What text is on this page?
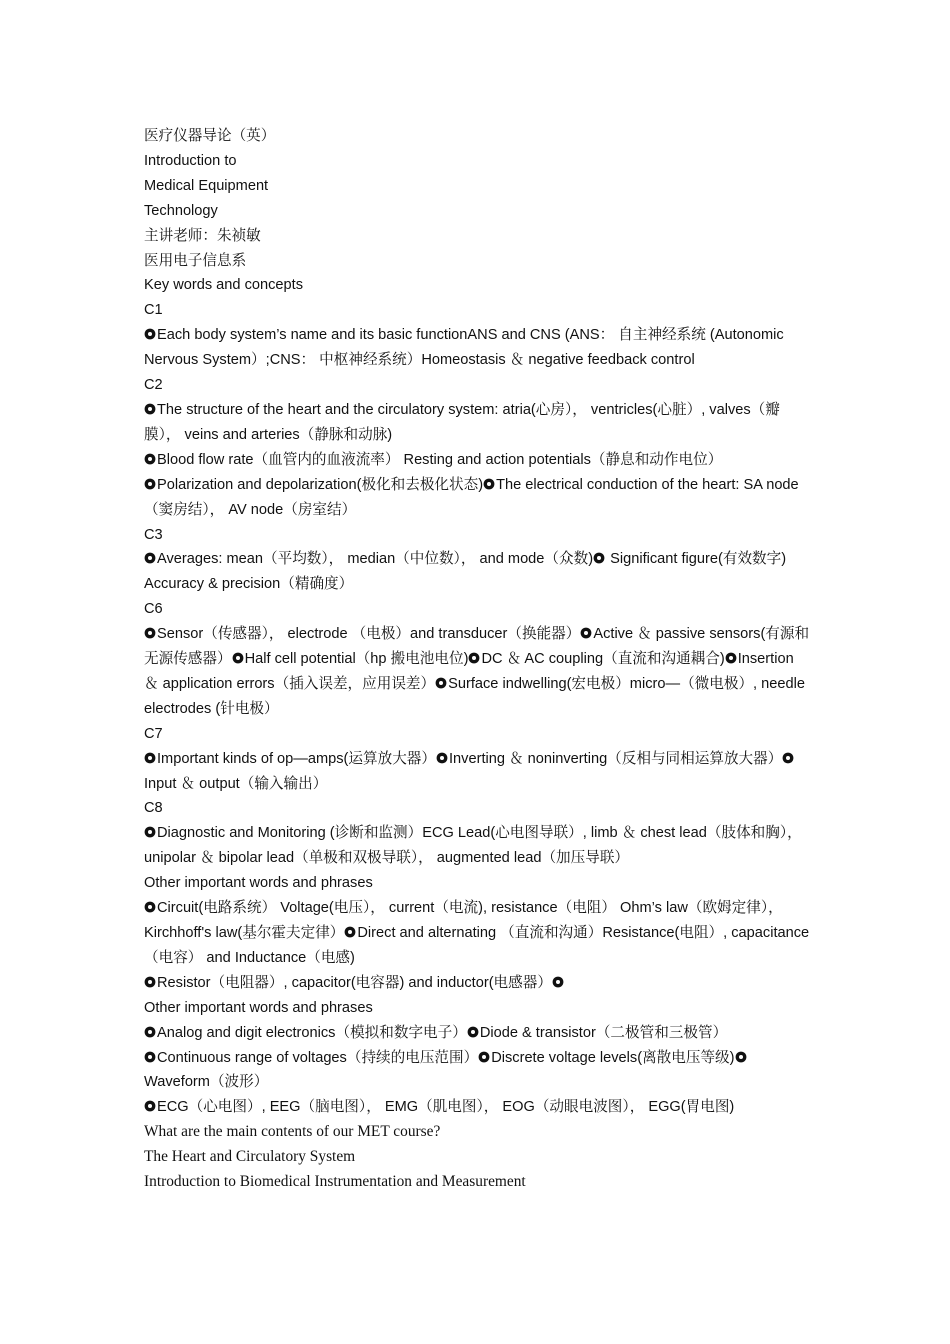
医疗仪器导论（英）

Introduction to

Medical Equipment

Technology

主讲老师：朱祯敏

医用电子信息系

Key words and concepts

C1

Each body system’s name and its basic functionANS and CNS (ANS： 自主神经系统 (Autonomic Nervous System）;CNS： 中枢神经系统）Homeostasis ＆ negative feedback control

C2

The structure of the heart and the circulatory system: atria(心房）， ventricles(心脏）, valves（瓣膜）， veins and arteries（静脉和动脉)

Blood flow rate（血管内的血液流率） Resting and action potentials（静息和动作电位）

Polarization and depolarization(极化和去极化状态) The electrical conduction of the heart: SA node（窦房结）， AV node（房室结）

C3

Averages: mean（平均数）， median（中位数）， and mode（众数)
Significant figure(有效数字) Accuracy & precision（精确度）

C6

Sensor（传感器）， electrode （电极）and transducer（换能器） Active ＆ passive sensors(有源和无源传感器） Half cell potential（hp 搬电池电位) DC ＆ AC coupling（直流和沟通耦合) Insertion ＆ application errors（插入误差，应用误差） Surface indwelling(宏电极）micro—（微电极）, needle electrodes (针电极）

C7

Important kinds of op—amps(运算放大器） Inverting ＆ noninverting（反相与同相运算放大器）
Input ＆ output（输入输出）

C8

Diagnostic and Monitoring (诊断和监测）ECG Lead(心电图导联）, limb ＆ chest lead（肢体和胸）， unipolar ＆ bipolar lead（单极和双极导联）， augmented lead（加压导联）

Other important words and phrases

Circuit(电路系统） Voltage(电压）， current（电流), resistance（电阻） Ohm’s law（欧姆定律）， Kirchhoff's law(基尔霍夫定律） Direct and alternating （直流和沟通）Resistance(电阻）, capacitance（电容） and Inductance（电感)

Resistor（电阻器）, capacitor(电容器) and inductor(电感器）

Other important words and phrases

Analog and digit electronics（模拟和数字电子） Diode & transistor（二极管和三极管）

Continuous range of voltages（持续的电压范围） Discrete voltage levels(离散电压等级)
Waveform（波形）

ECG（心电图）, EEG（脑电图）， EMG（肌电图）， EOG（动眼电波图）， EGG(胃电图)

What are the main contents of our MET course?

The Heart and Circulatory System

Introduction to Biomedical Instrumentation and Measurement
